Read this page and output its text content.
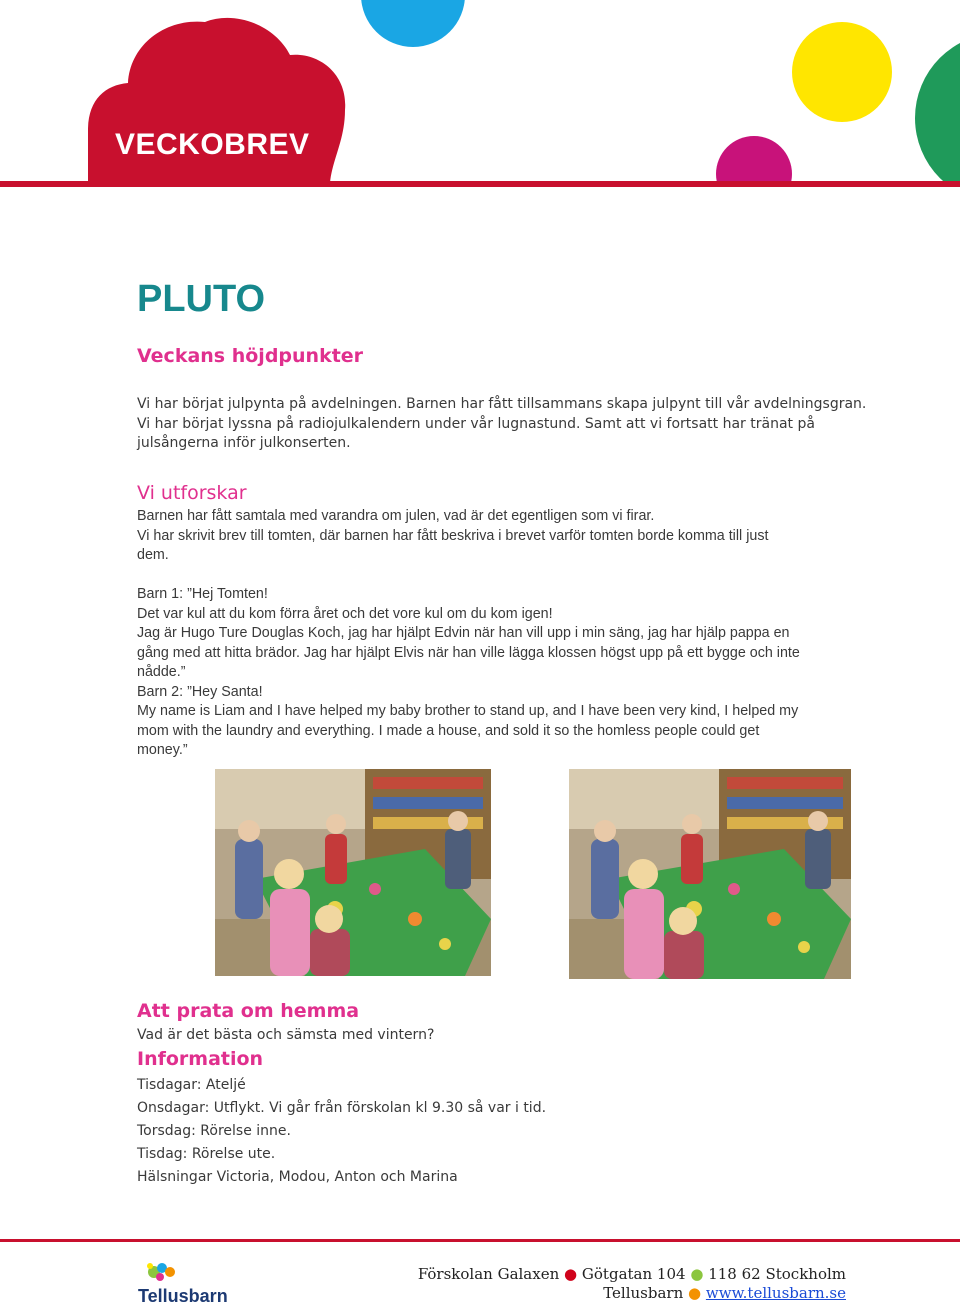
VECKOBREV
PLUTO
Veckans höjdpunkter
Vi har börjat julpynta på avdelningen. Barnen har fått tillsammans skapa julpynt till vår avdelningsgran.
Vi har börjat lyssna på radiojulkalendern under vår lugnastund. Samt att vi fortsatt har tränat på
julsångerna inför julkonserten.
Vi utforskar
Barnen har fått samtala med varandra om julen, vad är det egentligen som vi firar.
Vi har skrivit brev till tomten, där barnen har fått beskriva i brevet varför tomten borde komma till just
dem.
Barn 1: ”Hej Tomten!
Det var kul att du kom förra året och det vore kul om du kom igen!
Jag är Hugo Ture Douglas Koch, jag har hjälpt Edvin när han vill upp i min säng, jag har hjälp pappa en
gång med att hitta brädor. Jag har hjälpt Elvis när han ville lägga klossen högst upp på ett bygge och inte
nådde.”
Barn 2: ”Hey Santa!
My name is Liam and I have helped my baby brother to stand up, and I have been very kind, I helped my
mom with the laundry and everything. I made a house, and sold it so the homless people could get
money.”
Att prata om hemma
Vad är det bästa och sämsta med vintern?
Information
Tisdagar: Ateljé
Onsdagar: Utflykt. Vi går från förskolan kl 9.30 så var i tid.
Torsdag: Rörelse inne.
Tisdag: Rörelse ute.
Hälsningar Victoria, Modou, Anton och Marina
Tellusbarn
Förskolan Galaxen ● Götgatan 104 ● 118 62 Stockholm
Tellusbarn ● www.tellusbarn.se
